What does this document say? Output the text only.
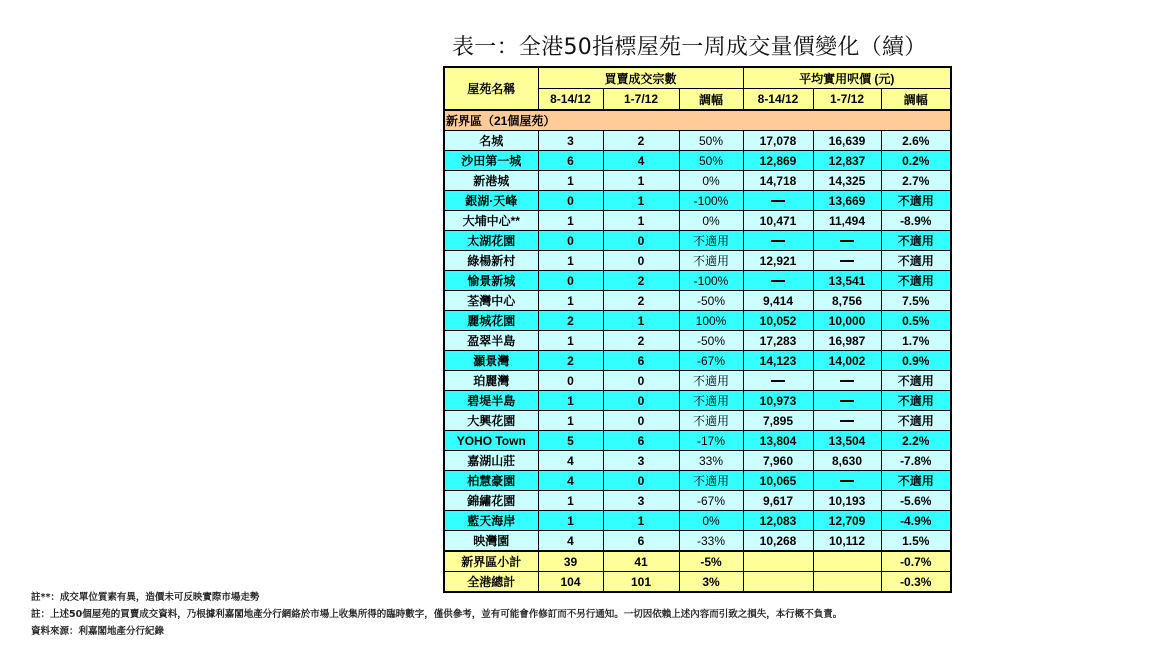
表一：全港50指標屋苑一周成交量價變化（續）
屋苑名稱	買賣成交宗數			平均實用呎價 (元)		
	8-14/12	1-7/12	調幅	8-14/12	1-7/12	調幅
新界區（21個屋苑）						
名城	3	2	50%	17,078	16,639	2.6%
沙田第一城	6	4	50%	12,869	12,837	0.2%
新港城	1	1	0%	14,718	14,325	2.7%
銀湖·天峰	0	1	-100%		13,669	不適用
大埔中心**	1	1	0%	10,471	11,494	-8.9%
太湖花園	0	0	不適用			不適用
綠楊新村	1	0	不適用	12,921		不適用
愉景新城	0	2	-100%		13,541	不適用
荃灣中心	1	2	-50%	9,414	8,756	7.5%
麗城花園	2	1	100%	10,052	10,000	0.5%
盈翠半島	1	2	-50%	17,283	16,987	1.7%
灝景灣	2	6	-67%	14,123	14,002	0.9%
珀麗灣	0	0	不適用			不適用
碧堤半島	1	0	不適用	10,973		不適用
大興花園	1	0	不適用	7,895		不適用
YOHO Town	5	6	-17%	13,804	13,504	2.2%
嘉湖山莊	4	3	33%	7,960	8,630	-7.8%
柏慧豪園	4	0	不適用	10,065		不適用
錦繡花園	1	3	-67%	9,617	10,193	-5.6%
藍天海岸	1	1	0%	12,083	12,709	-4.9%
映灣園	4	6	-33%	10,268	10,112	1.5%
新界區小計	39	41	-5%			-0.7%
全港總計	104	101	3%			-0.3%
註**：成交單位質素有異，造價未可反映實際市場走勢
註：上述50個屋苑的買賣成交資料，乃根據利嘉閣地產分行網絡於市場上收集所得的臨時數字，僅供參考，並有可能會作修訂而不另行通知。一切因依賴上述內容而引致之損失，本行概不負責。
資料來源：利嘉閣地產分行紀錄
